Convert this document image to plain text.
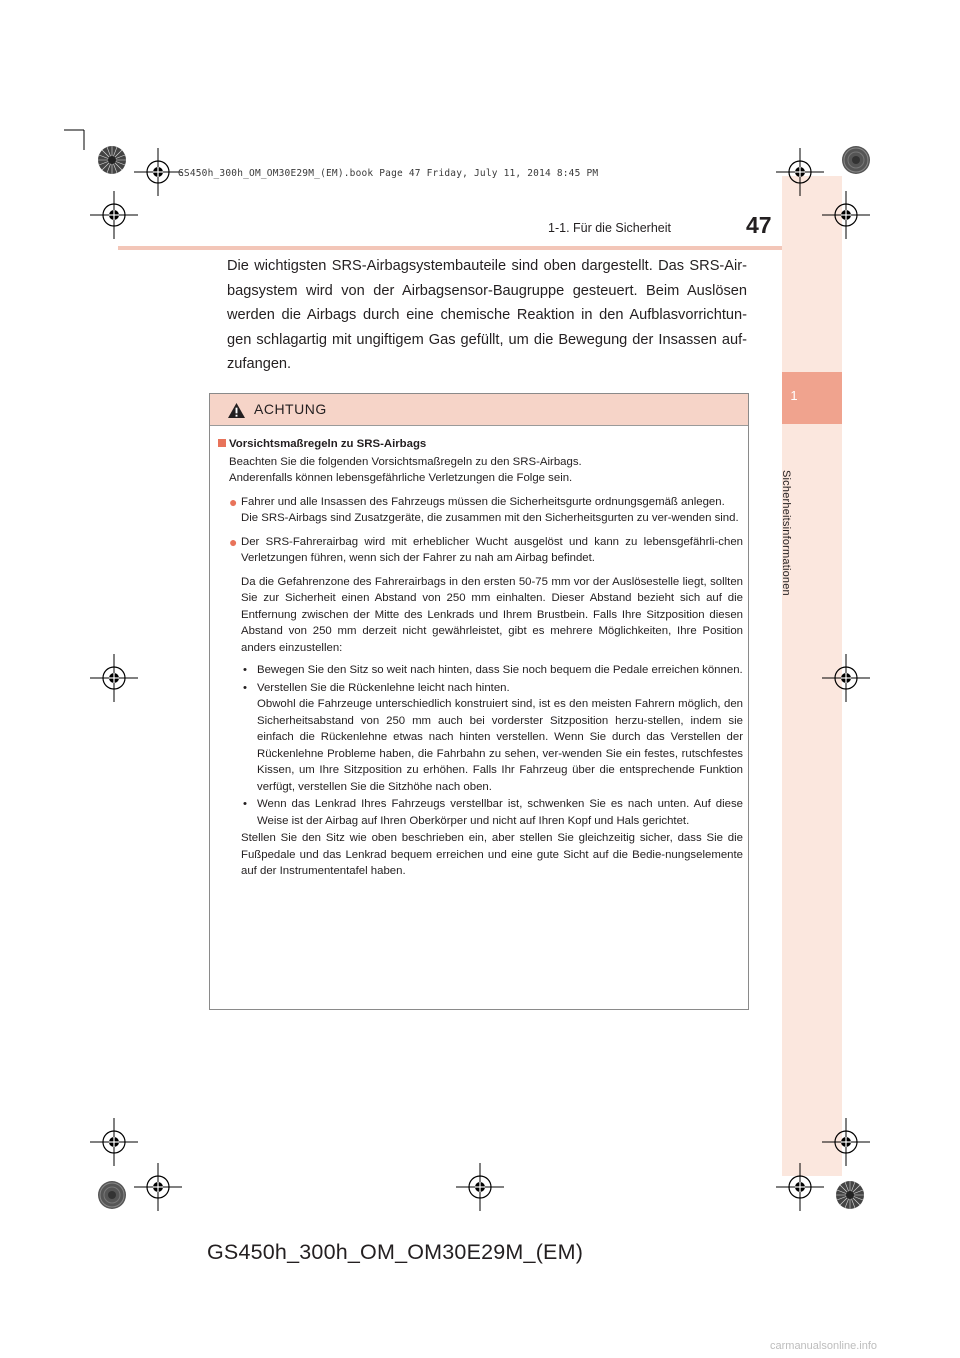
1
Sicherheitsinformationen
GS450h_300h_OM_OM30E29M_(EM).book Page 47 Friday, July 11, 2014 8:45 PM
1-1. Für die Sicherheit	47
Die wichtigsten SRS-Airbagsystembauteile sind oben dargestellt. Das SRS-Air-bagsystem wird von der Airbagsensor-Baugruppe gesteuert. Beim Auslösen werden die Airbags durch eine chemische Reaktion in den Aufblasvorrichtun-gen schlagartig mit ungiftigem Gas gefüllt, um die Bewegung der Insassen auf-zufangen.
ACHTUNG
Vorsichtsmaßregeln zu SRS-Airbags

Beachten Sie die folgenden Vorsichtsmaßregeln zu den SRS-Airbags.

Anderenfalls können lebensgefährliche Verletzungen die Folge sein.

● Fahrer und alle Insassen des Fahrzeugs müssen die Sicherheitsgurte ordnungsgemäß anlegen.

Die SRS-Airbags sind Zusatzgeräte, die zusammen mit den Sicherheitsgurten zu ver-wenden sind.

● Der SRS-Fahrerairbag wird mit erheblicher Wucht ausgelöst und kann zu lebensgefährli-chen Verletzungen führen, wenn sich der Fahrer zu nah am Airbag befindet.

Da die Gefahrenzone des Fahrerairbags in den ersten 50-75 mm vor der Auslösestelle liegt, sollten Sie zur Sicherheit einen Abstand von 250 mm einhalten. Dieser Abstand bezieht sich auf die Entfernung zwischen der Mitte des Lenkrads und Ihrem Brustbein. Falls Ihre Sitzposition diesen Abstand von 250 mm derzeit nicht gewährleistet, gibt es mehrere Möglichkeiten, Ihre Position anders einzustellen:

• Bewegen Sie den Sitz so weit nach hinten, dass Sie noch bequem die Pedale erreichen können.
• Verstellen Sie die Rückenlehne leicht nach hinten.

Obwohl die Fahrzeuge unterschiedlich konstruiert sind, ist es den meisten Fahrern möglich, den Sicherheitsabstand von 250 mm auch bei vorderster Sitzposition herzu-stellen, indem sie einfach die Rückenlehne etwas nach hinten verstellen. Wenn Sie durch das Verstellen der Rückenlehne Probleme haben, die Fahrbahn zu sehen, ver-wenden Sie ein festes, rutschfestes Kissen, um Ihre Sitzposition zu erhöhen. Falls Ihr Fahrzeug über die entsprechende Funktion verfügt, verstellen Sie die Sitzhöhe nach oben.

• Wenn das Lenkrad Ihres Fahrzeugs verstellbar ist, schwenken Sie es nach unten. Auf diese Weise ist der Airbag auf Ihren Oberkörper und nicht auf Ihren Kopf und Hals gerichtet.

Stellen Sie den Sitz wie oben beschrieben ein, aber stellen Sie gleichzeitig sicher, dass Sie die Fußpedale und das Lenkrad bequem erreichen und eine gute Sicht auf die Bedie-nungselemente auf der Instrumententafel haben.

GS450h_300h_OM_OM30E29M_(EM)
carmanualsonline.info
